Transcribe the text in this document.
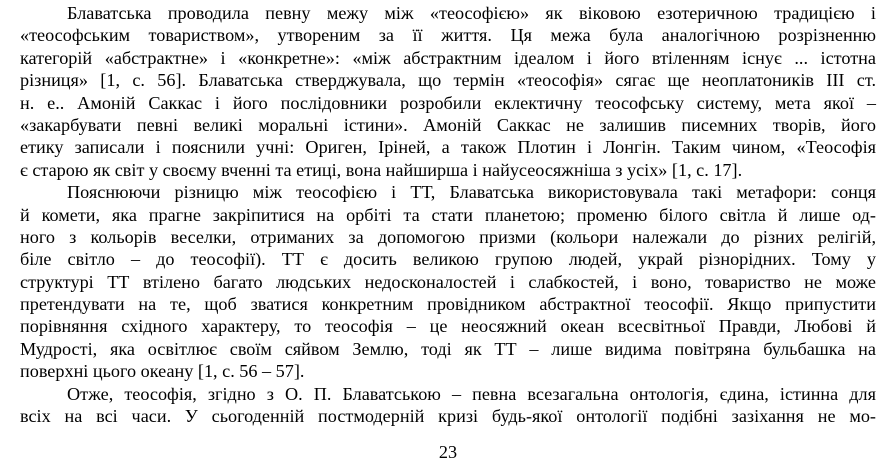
Блаватська проводила певну межу між «теософією» як віковою езотеричною традицією і
«теософським товариством», утвореним за її життя. Ця межа була аналогічною розрізненню
категорій «абстрактне» і «конкретне»: «між абстрактним ідеалом і його втіленням існує ... істотна
різниця» [1, с. 56]. Блаватська стверджувала, що термін «теософія» сягає ще неоплатоників ІІІ ст.
н. е.. Амоній Саккас і його послідовники розробили еклектичну теософську систему, мета якої –
«закарбувати певні великі моральні істини». Амоній Саккас не залишив писемних творів, його
етику записали і пояснили учні: Ориген, Іріней, а також Плотин і Лонгін. Таким чином, «Теософія
є старою як світ у своєму вченні та етиці, вона найширша і найусеосяжніша з усіх» [1, с. 17].
Пояснюючи різницю між теософією і ТТ, Блаватська використовувала такі метафори: сонця
й комети, яка прагне закріпитися на орбіті та стати планетою; променю білого світла й лише од-
ного з кольорів веселки, отриманих за допомогою призми (кольори належали до різних релігій,
біле світло – до теософії). ТТ є досить великою групою людей, украй різнорідних. Тому у
структурі ТТ втілено багато людських недосконалостей і слабкостей, і воно, товариство не може
претендувати на те, щоб зватися конкретним провідником абстрактної теософії. Якщо припустити
порівняння східного характеру, то теософія – це неосяжний океан всесвітньої Правди, Любові й
Мудрості, яка освітлює своїм сяйвом Землю, тоді як ТТ – лише видима повітряна бульбашка на
поверхні цього океану [1, с. 56 – 57].
Отже, теософія, згідно з О. П. Блаватською – певна всезагальна онтологія, єдина, істинна для
всіх на всі часи. У сьогоденній постмодерній кризі будь-якої онтології подібні зазіхання не мо-
23
